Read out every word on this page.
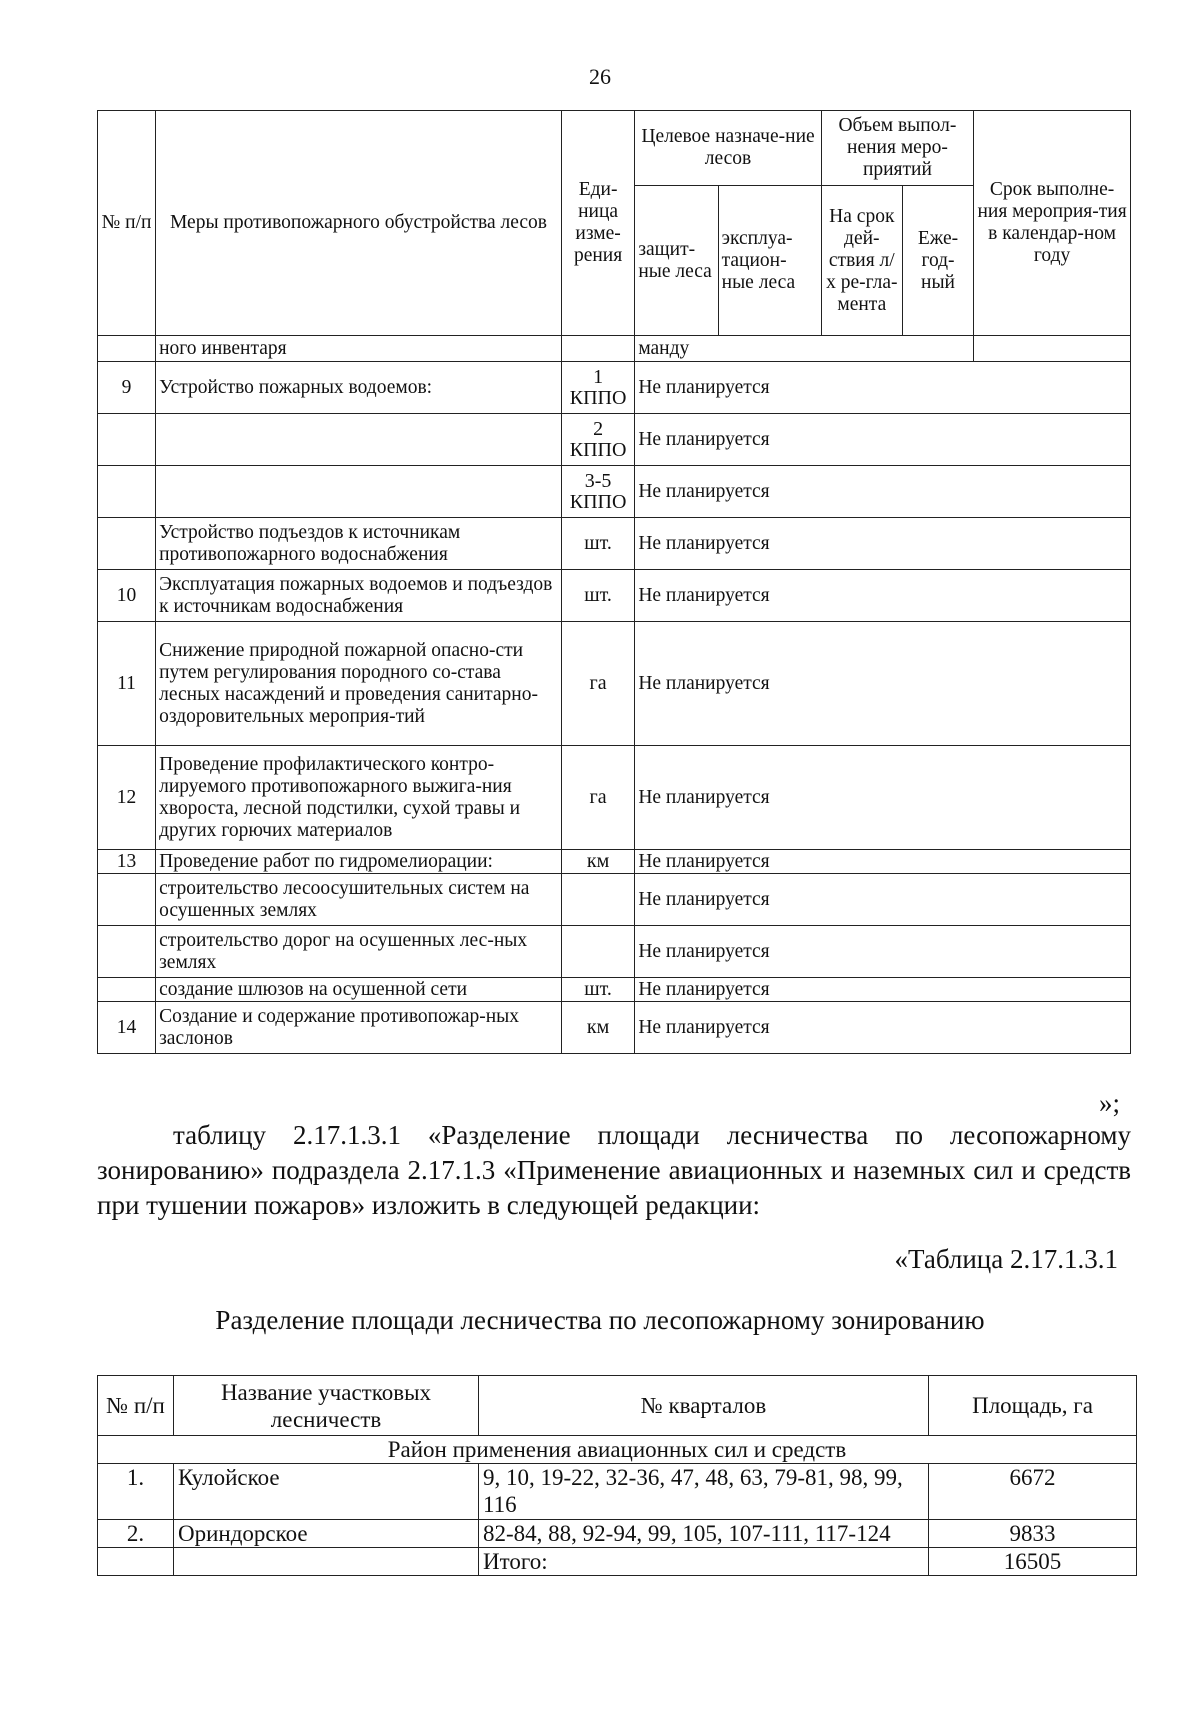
26
№ п/п	Меры противопожарного обустройства лесов	Еди-ница изме-рения	Целевое назначе-ние лесов		Объем выпол-нения меро-приятий		Срок выполне-ния мероприя-тия в календар-ном году
			защит-ные леса	эксплуа-тацион-ные леса	На срок дей-ствия л/х ре-гла-мента	Еже-год-ный	
	ного инвентаря		манду				
9	Устройство пожарных водоемов:	1 КППО	Не планируется				
		2 КППО	Не планируется				
		3-5 КППО	Не планируется				
	Устройство подъездов к источникам противопожарного водоснабжения	шт.	Не планируется				
10	Эксплуатация пожарных водоемов и подъездов к источникам водоснабжения	шт.	Не планируется				
11	Снижение природной пожарной опасно-сти путем регулирования породного со-става лесных насаждений и проведения санитарно-оздоровительных мероприя-тий	га	Не планируется				
12	Проведение профилактического контро-лируемого противопожарного выжига-ния хвороста, лесной подстилки, сухой травы и других горючих материалов	га	Не планируется				
13	Проведение работ по гидромелиорации:	км	Не планируется				
	строительство лесоосушительных систем на осушенных землях		Не планируется				
	строительство дорог на осушенных лес-ных землях		Не планируется				
	создание шлюзов на осушенной сети	шт.	Не планируется				
14	Создание и содержание противопожар-ных заслонов	км	Не планируется				
»;

таблицу 2.17.1.3.1 «Разделение площади лесничества по лесопожарному зонированию» подраздела 2.17.1.3 «Применение авиационных и наземных сил и средств при тушении пожаров» изложить в следующей редакции:

«Таблица 2.17.1.3.1
Разделение площади лесничества по лесопожарному зонированию
№ п/п	Название участковых лесничеств	№ кварталов	Площадь, га
Район применения авиационных сил и средств			
1.	Кулойское	9, 10, 19-22, 32-36, 47, 48, 63, 79-81, 98, 99, 116	6672
2.	Ориндорское	82-84, 88, 92-94, 99, 105, 107-111, 117-124	9833
		Итого:	16505
